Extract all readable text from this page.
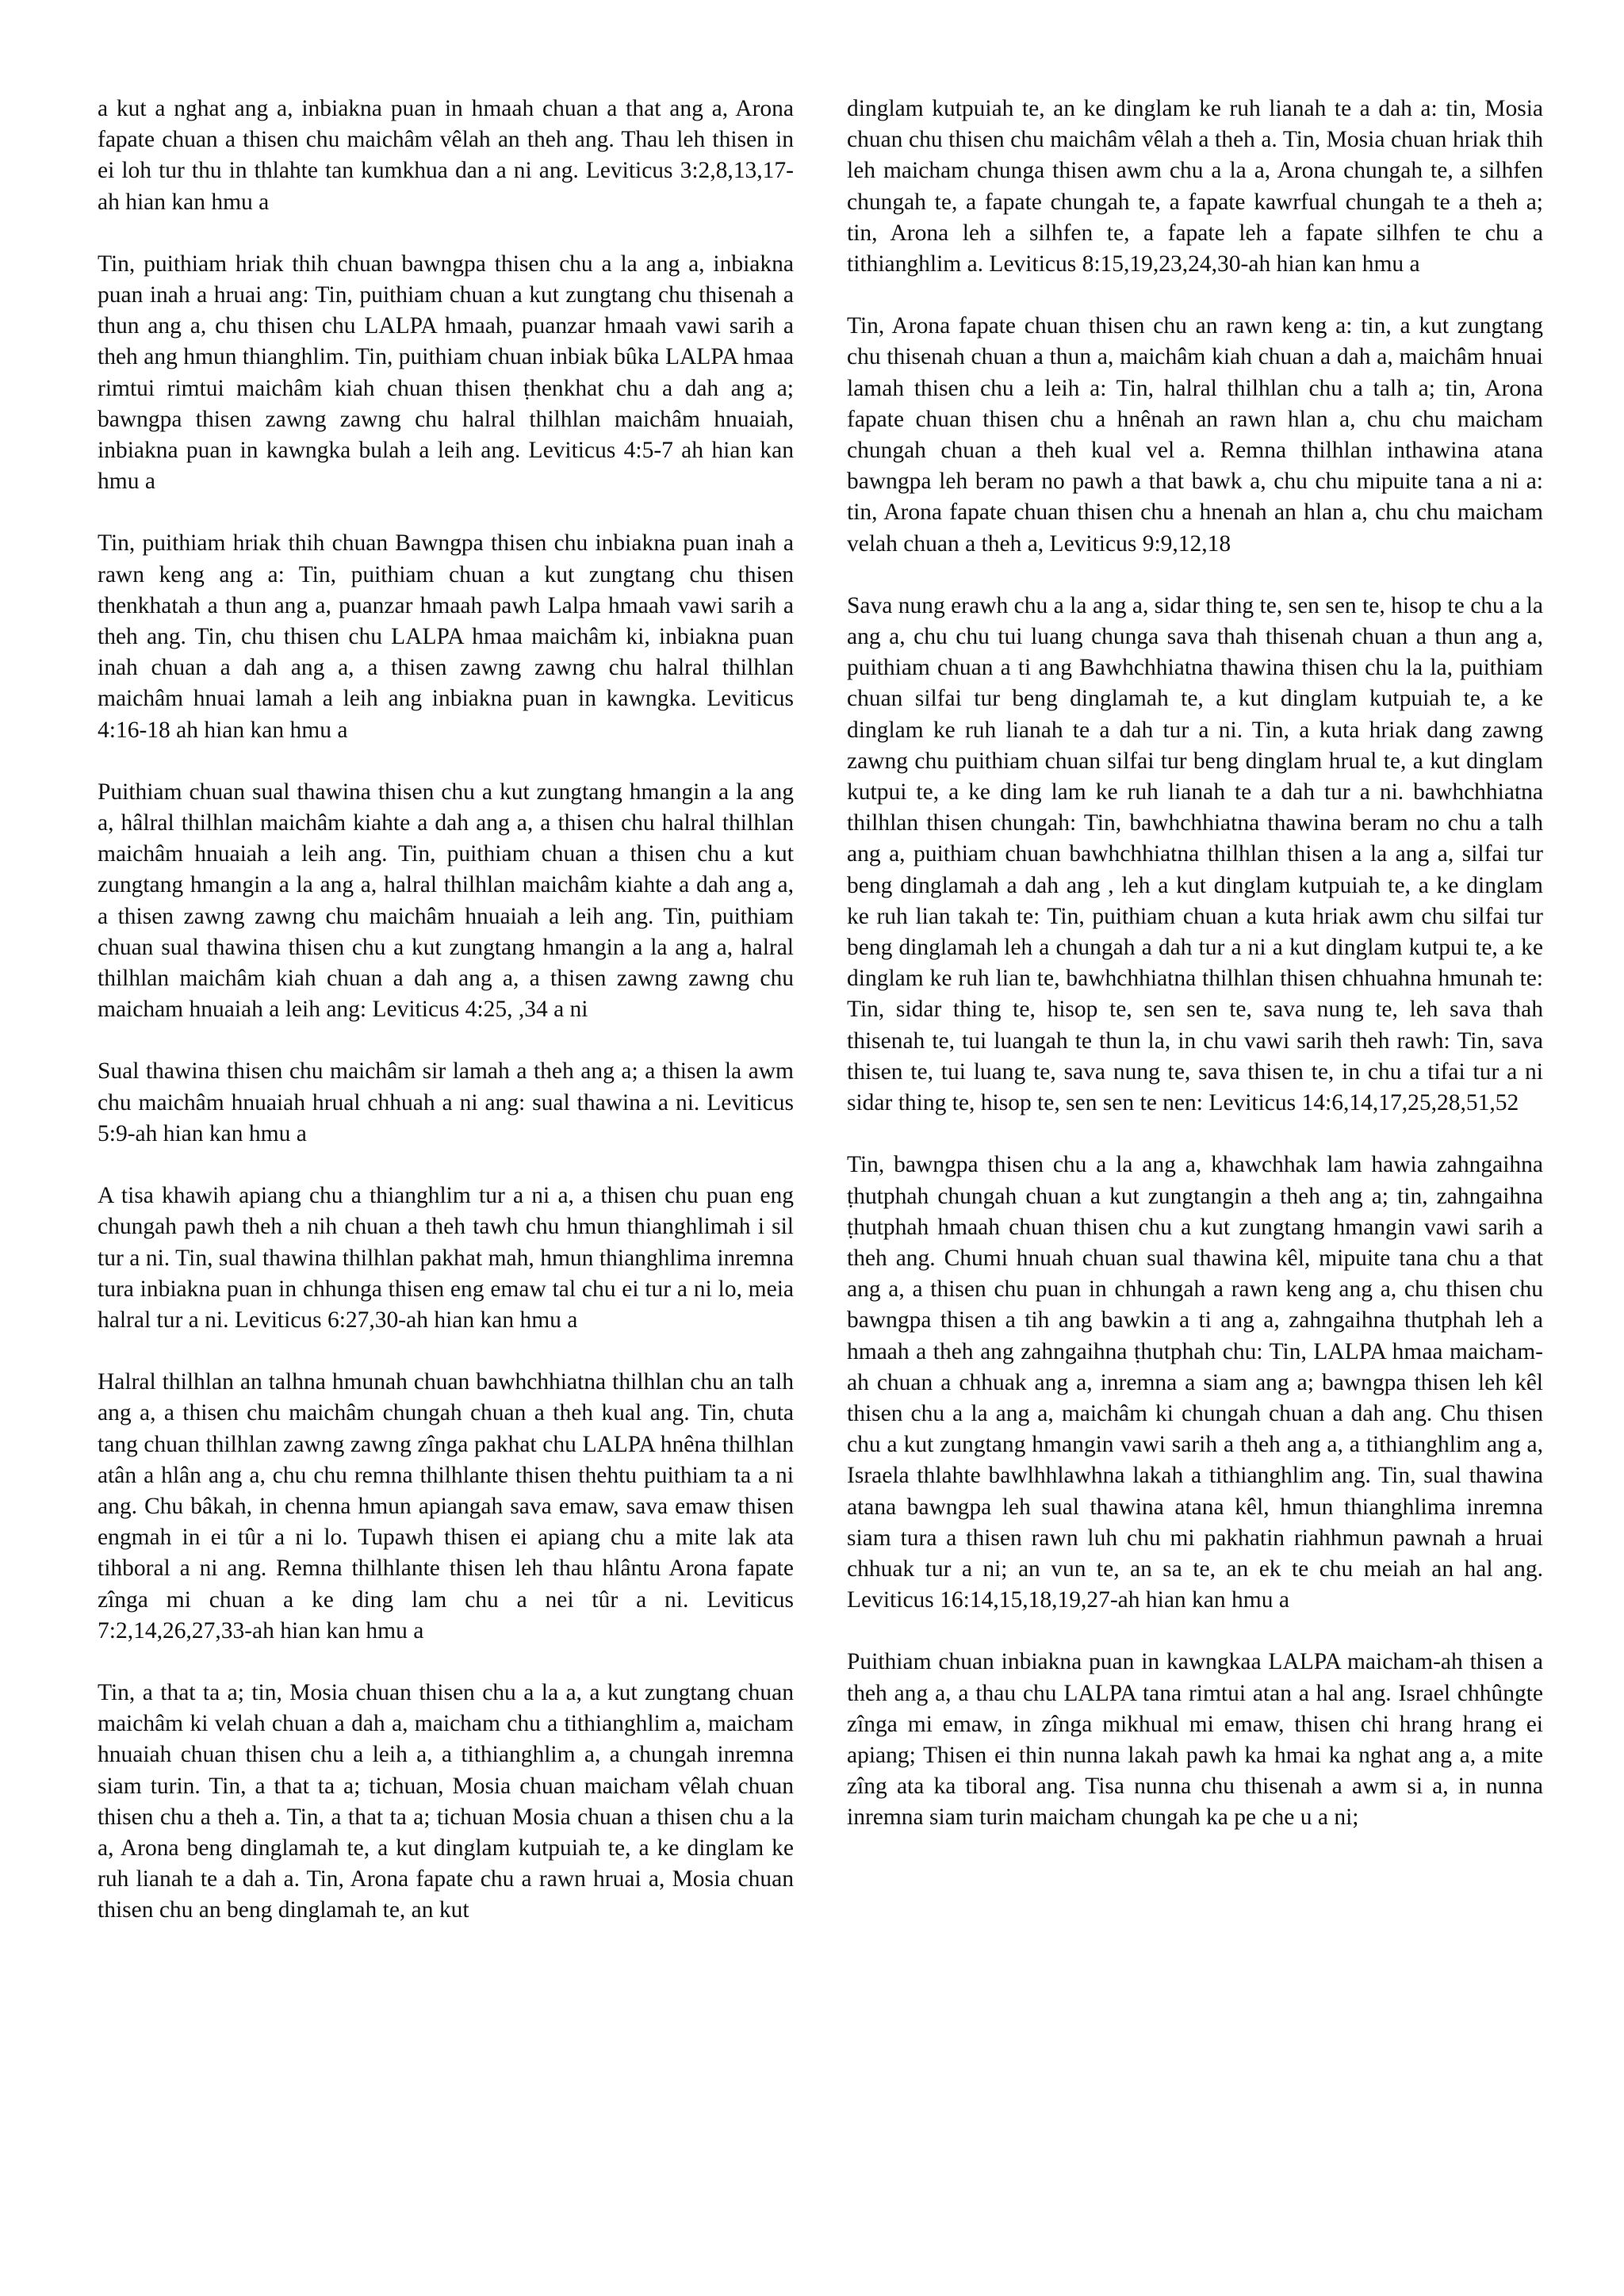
a kut a nghat ang a, inbiakna puan in hmaah chuan a that ang a, Arona fapate chuan a thisen chu maichâm vêlah an theh ang. Thau leh thisen in ei loh tur thu in thlahte tan kumkhua dan a ni ang. Leviticus 3:2,8,13,17-ah hian kan hmu a

Tin, puithiam hriak thih chuan bawngpa thisen chu a la ang a, inbiakna puan inah a hruai ang: Tin, puithiam chuan a kut zungtang chu thisenah a thun ang a, chu thisen chu LALPA hmaah, puanzar hmaah vawi sarih a theh ang hmun thianghlim. Tin, puithiam chuan inbiak bûka LALPA hmaa rimtui rimtui maichâm kiah chuan thisen ṭhenkhat chu a dah ang a; bawngpa thisen zawng zawng chu halral thilhlan maichâm hnuaiah, inbiakna puan in kawngka bulah a leih ang. Leviticus 4:5-7 ah hian kan hmu a

Tin, puithiam hriak thih chuan Bawngpa thisen chu inbiakna puan inah a rawn keng ang a: Tin, puithiam chuan a kut zungtang chu thisen thenkhatah a thun ang a, puanzar hmaah pawh Lalpa hmaah vawi sarih a theh ang. Tin, chu thisen chu LALPA hmaa maichâm ki, inbiakna puan inah chuan a dah ang a, a thisen zawng zawng chu halral thilhlan maichâm hnuai lamah a leih ang inbiakna puan in kawngka. Leviticus 4:16-18 ah hian kan hmu a

Puithiam chuan sual thawina thisen chu a kut zungtang hmangin a la ang a, hâlral thilhlan maichâm kiahte a dah ang a, a thisen chu halral thilhlan maichâm hnuaiah a leih ang. Tin, puithiam chuan a thisen chu a kut zungtang hmangin a la ang a, halral thilhlan maichâm kiahte a dah ang a, a thisen zawng zawng chu maichâm hnuaiah a leih ang. Tin, puithiam chuan sual thawina thisen chu a kut zungtang hmangin a la ang a, halral thilhlan maichâm kiah chuan a dah ang a, a thisen zawng zawng chu maicham hnuaiah a leih ang: Leviticus 4:25, ,34 a ni

Sual thawina thisen chu maichâm sir lamah a theh ang a; a thisen la awm chu maichâm hnuaiah hrual chhuah a ni ang: sual thawina a ni. Leviticus 5:9-ah hian kan hmu a

A tisa khawih apiang chu a thianghlim tur a ni a, a thisen chu puan eng chungah pawh theh a nih chuan a theh tawh chu hmun thianghlimah i sil tur a ni. Tin, sual thawina thilhlan pakhat mah, hmun thianghlima inremna tura inbiakna puan in chhunga thisen eng emaw tal chu ei tur a ni lo, meia halral tur a ni. Leviticus 6:27,30-ah hian kan hmu a

Halral thilhlan an talhna hmunah chuan bawhchhiatna thilhlan chu an talh ang a, a thisen chu maichâm chungah chuan a theh kual ang. Tin, chuta tang chuan thilhlan zawng zawng zînga pakhat chu LALPA hnêna thilhlan atân a hlân ang a, chu chu remna thilhlante thisen thehtu puithiam ta a ni ang. Chu bâkah, in chenna hmun apiangah sava emaw, sava emaw thisen engmah in ei tûr a ni lo. Tupawh thisen ei apiang chu a mite lak ata tihboral a ni ang. Remna thilhlante thisen leh thau hlântu Arona fapate zînga mi chuan a ke ding lam chu a nei tûr a ni. Leviticus 7:2,14,26,27,33-ah hian kan hmu a

Tin, a that ta a; tin, Mosia chuan thisen chu a la a, a kut zungtang chuan maichâm ki velah chuan a dah a, maicham chu a tithianghlim a, maicham hnuaiah chuan thisen chu a leih a, a tithianghlim a, a chungah inremna siam turin. Tin, a that ta a; tichuan, Mosia chuan maicham vêlah chuan thisen chu a theh a. Tin, a that ta a; tichuan Mosia chuan a thisen chu a la a, Arona beng dinglamah te, a kut dinglam kutpuiah te, a ke dinglam ke ruh lianah te a dah a. Tin, Arona fapate chu a rawn hruai a, Mosia chuan thisen chu an beng dinglamah te, an kut

dinglam kutpuiah te, an ke dinglam ke ruh lianah te a dah a: tin, Mosia chuan chu thisen chu maichâm vêlah a theh a. Tin, Mosia chuan hriak thih leh maicham chunga thisen awm chu a la a, Arona chungah te, a silhfen chungah te, a fapate chungah te, a fapate kawrfual chungah te a theh a; tin, Arona leh a silhfen te, a fapate leh a fapate silhfen te chu a tithianghlim a. Leviticus 8:15,19,23,24,30-ah hian kan hmu a

Tin, Arona fapate chuan thisen chu an rawn keng a: tin, a kut zungtang chu thisenah chuan a thun a, maichâm kiah chuan a dah a, maichâm hnuai lamah thisen chu a leih a: Tin, halral thilhlan chu a talh a; tin, Arona fapate chuan thisen chu a hnênah an rawn hlan a, chu chu maicham chungah chuan a theh kual vel a. Remna thilhlan inthawina atana bawngpa leh beram no pawh a that bawk a, chu chu mipuite tana a ni a: tin, Arona fapate chuan thisen chu a hnenah an hlan a, chu chu maicham velah chuan a theh a, Leviticus 9:9,12,18

Sava nung erawh chu a la ang a, sidar thing te, sen sen te, hisop te chu a la ang a, chu chu tui luang chunga sava thah thisenah chuan a thun ang a, puithiam chuan a ti ang Bawhchhiatna thawina thisen chu la la, puithiam chuan silfai tur beng dinglamah te, a kut dinglam kutpuiah te, a ke dinglam ke ruh lianah te a dah tur a ni. Tin, a kuta hriak dang zawng zawng chu puithiam chuan silfai tur beng dinglam hrual te, a kut dinglam kutpui te, a ke ding lam ke ruh lianah te a dah tur a ni. bawhchhiatna thilhlan thisen chungah: Tin, bawhchhiatna thawina beram no chu a talh ang a, puithiam chuan bawhchhiatna thilhlan thisen a la ang a, silfai tur beng dinglamah a dah ang , leh a kut dinglam kutpuiah te, a ke dinglam ke ruh lian takah te: Tin, puithiam chuan a kuta hriak awm chu silfai tur beng dinglamah leh a chungah a dah tur a ni a kut dinglam kutpui te, a ke dinglam ke ruh lian te, bawhchhiatna thilhlan thisen chhuahna hmunah te: Tin, sidar thing te, hisop te, sen sen te, sava nung te, leh sava thah thisenah te, tui luangah te thun la, in chu vawi sarih theh rawh: Tin, sava thisen te, tui luang te, sava nung te, sava thisen te, in chu a tifai tur a ni sidar thing te, hisop te, sen sen te nen: Leviticus 14:6,14,17,25,28,51,52

Tin, bawngpa thisen chu a la ang a, khawchhak lam hawia zahngaihna ṭhutphah chungah chuan a kut zungtangin a theh ang a; tin, zahngaihna ṭhutphah hmaah chuan thisen chu a kut zungtang hmangin vawi sarih a theh ang. Chumi hnuah chuan sual thawina kêl, mipuite tana chu a that ang a, a thisen chu puan in chhungah a rawn keng ang a, chu thisen chu bawngpa thisen a tih ang bawkin a ti ang a, zahngaihna thutphah leh a hmaah a theh ang zahngaihna ṭhutphah chu: Tin, LALPA hmaa maicham-ah chuan a chhuak ang a, inremna a siam ang a; bawngpa thisen leh kêl thisen chu a la ang a, maichâm ki chungah chuan a dah ang. Chu thisen chu a kut zungtang hmangin vawi sarih a theh ang a, a tithianghlim ang a, Israela thlahte bawlhhlawhna lakah a tithianghlim ang. Tin, sual thawina atana bawngpa leh sual thawina atana kêl, hmun thianghlima inremna siam tura a thisen rawn luh chu mi pakhatin riahhmun pawnah a hruai chhuak tur a ni; an vun te, an sa te, an ek te chu meiah an hal ang. Leviticus 16:14,15,18,19,27-ah hian kan hmu a

Puithiam chuan inbiakna puan in kawngkaa LALPA maicham-ah thisen a theh ang a, a thau chu LALPA tana rimtui atan a hal ang. Israel chhûngte zînga mi emaw, in zînga mikhual mi emaw, thisen chi hrang hrang ei apiang; Thisen ei thin nunna lakah pawh ka hmai ka nghat ang a, a mite zîng ata ka tiboral ang. Tisa nunna chu thisenah a awm si a, in nunna inremna siam turin maicham chungah ka pe che u a ni;
